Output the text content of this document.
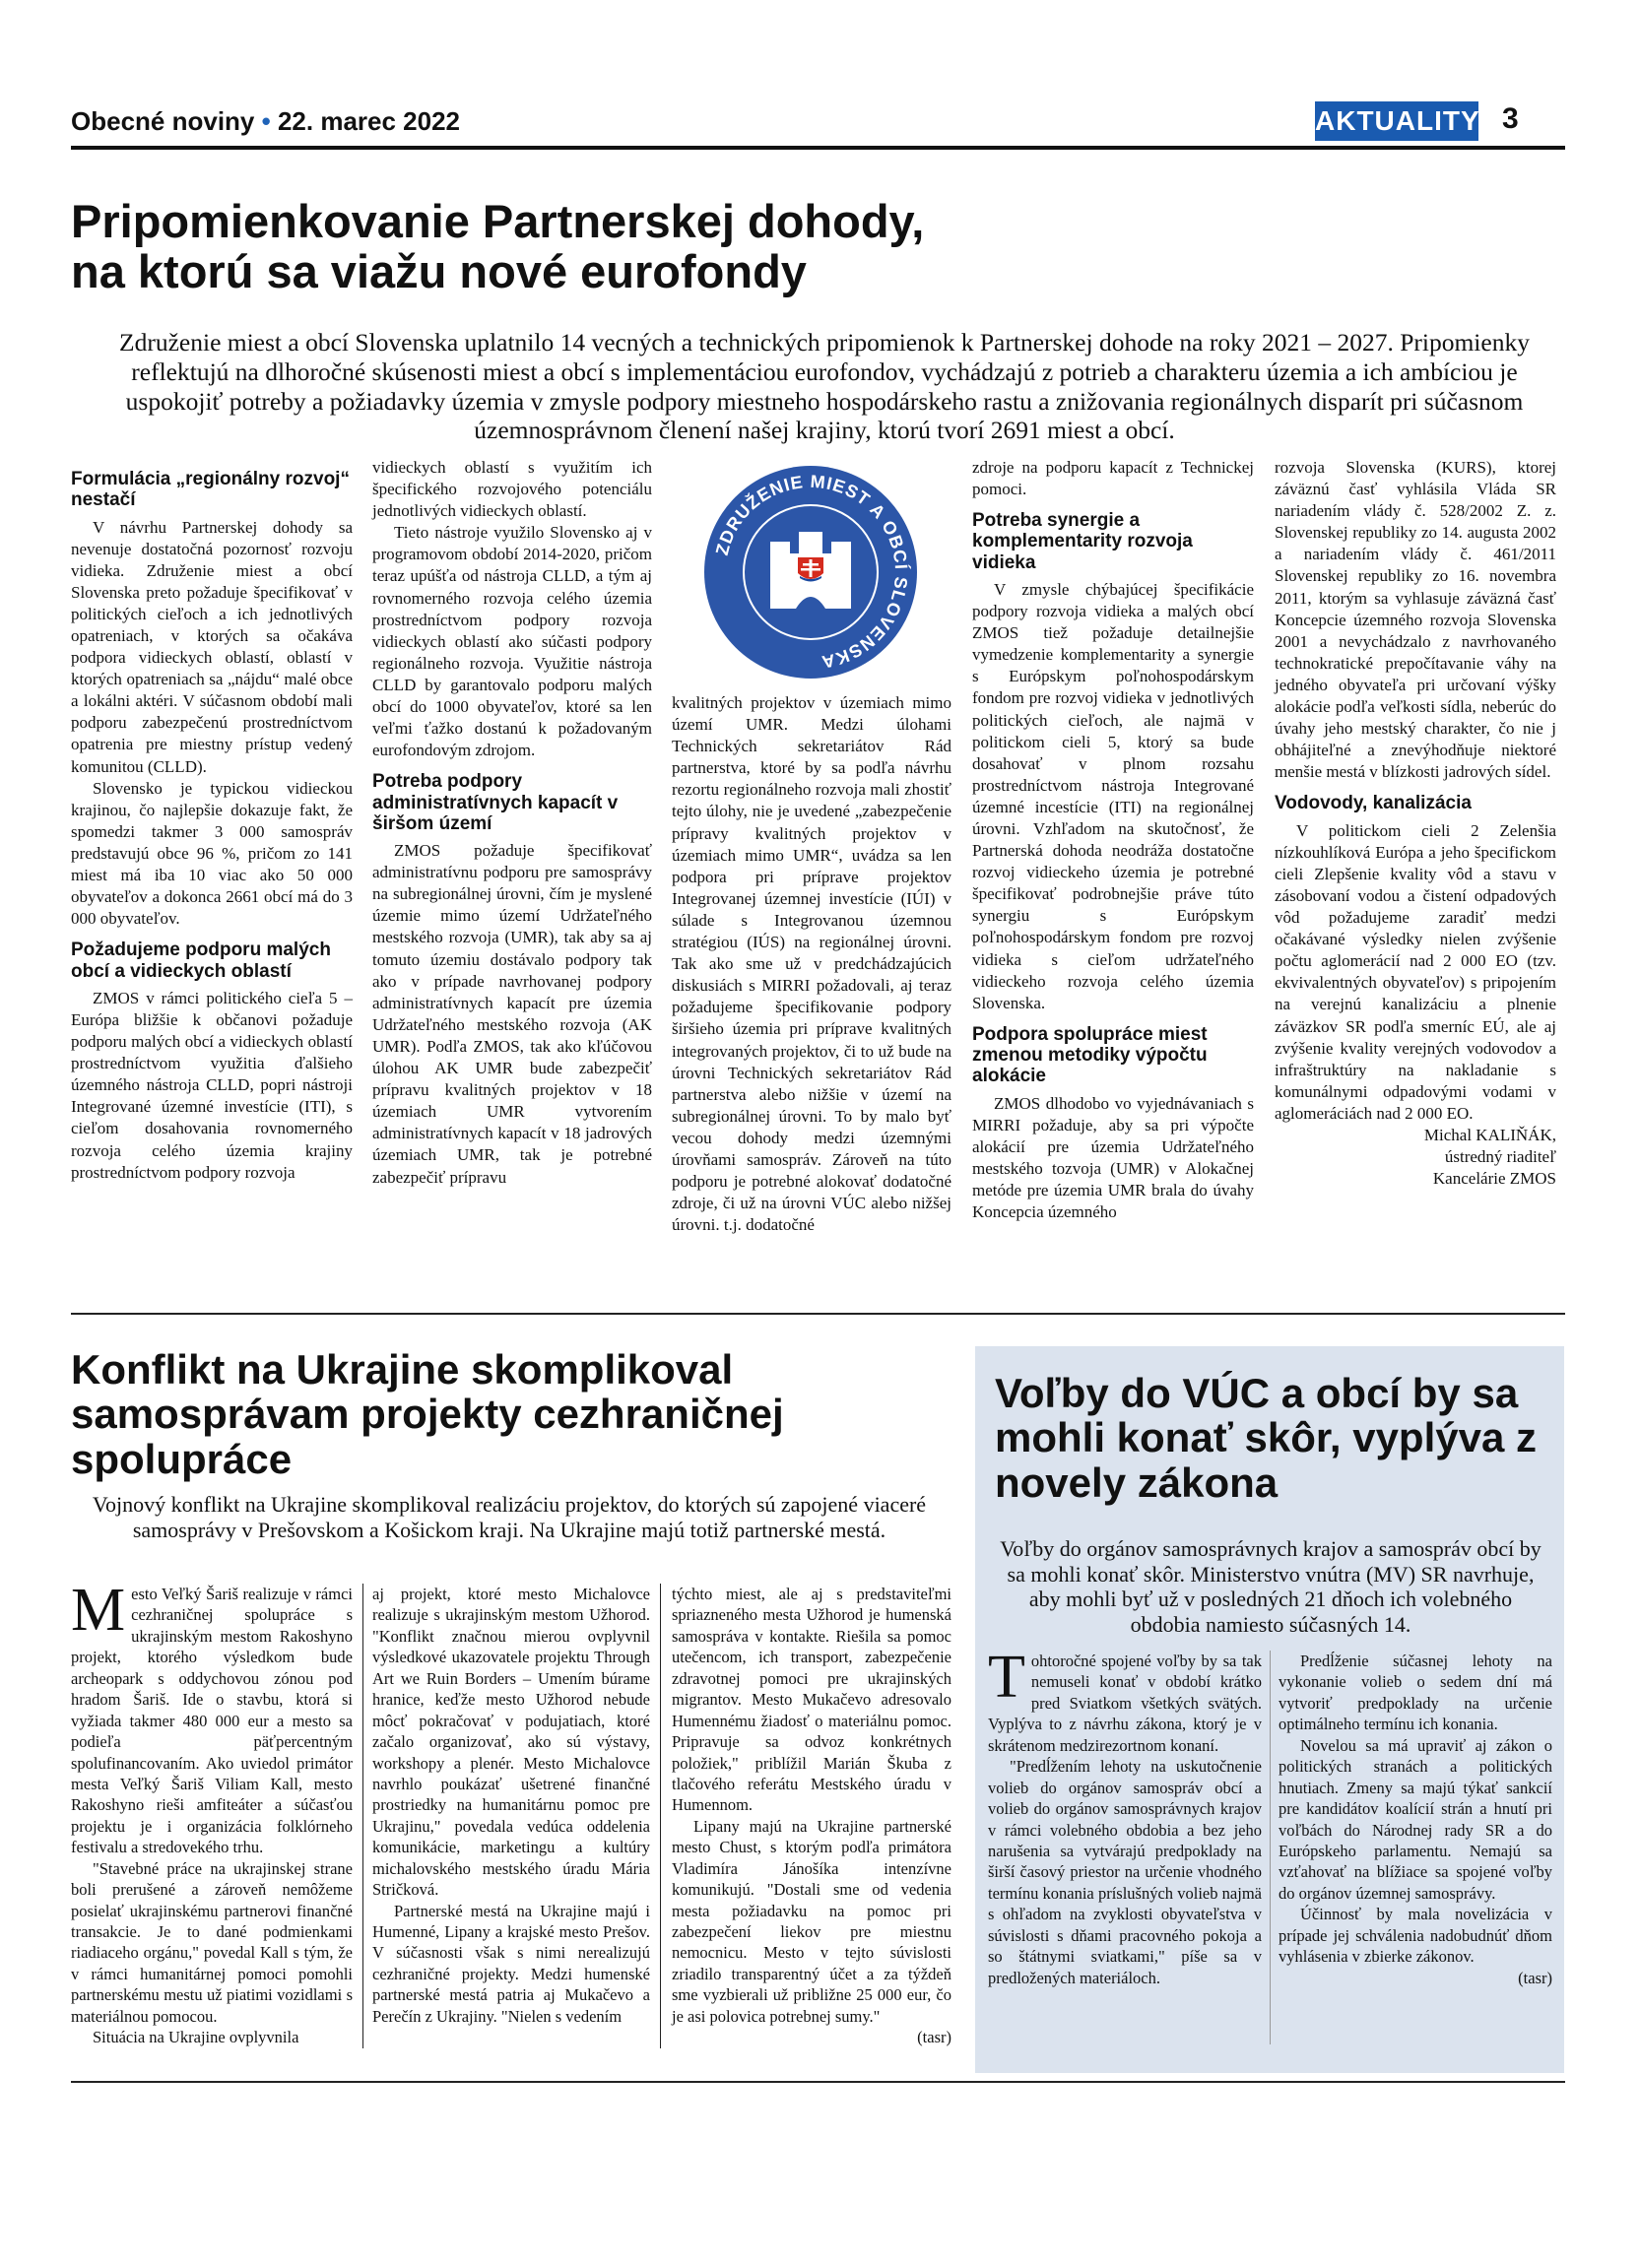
Obecné noviny • 22. marec 2022	AKTUALITY 3
Pripomienkovanie Partnerskej dohody,
na ktorú sa viažu nové eurofondy
Združenie miest a obcí Slovenska uplatnilo 14 vecných a technických pripomienok k Partnerskej dohode na roky 2021 – 2027. Pripomienky reflektujú na dlhoročné skúsenosti miest a obcí s implementáciou eurofondov, vychádzajú z potrieb a charakteru územia a ich ambíciou je uspokojiť potreby a požiadavky územia v zmysle podpory miestneho hospodárskeho rastu a znižovania regionálnych disparít pri súčasnom územnosprávnom členení našej krajiny, ktorú tvorí 2691 miest a obcí.
Formulácia „regionálny rozvoj“ nestačí

V návrhu Partnerskej dohody sa nevenuje dostatočná pozornosť rozvoju vidieka. Združenie miest a obcí Slovenska preto požaduje špecifikovať v politických cieľoch a ich jednotlivých opatreniach, v ktorých sa očakáva podpora vidieckych oblastí, oblastí v ktorých opatreniach sa „nájdu“ malé obce a lokálni aktéri. V súčasnom období mali podporu zabezpečenú prostredníctvom opatrenia pre miestny prístup vedený komunitou (CLLD).

Slovensko je typickou vidieckou krajinou, čo najlepšie dokazuje fakt, že spomedzi takmer 3 000 samospráv predstavujú obce 96 %, pričom zo 141 miest má iba 10 viac ako 50 000 obyvateľov a dokonca 2661 obcí má do 3 000 obyvateľov.

Požadujeme podporu malých obcí a vidieckych oblastí

ZMOS v rámci politického cieľa 5 – Európa bližšie k občanovi požaduje podporu malých obcí a vidieckych oblastí prostredníctvom využitia ďalšieho územného nástroja CLLD, popri nástroji Integrované územné investície (ITI), s cieľom dosahovania rovnomerného rozvoja celého územia krajiny prostredníctvom podpory rozvoja

vidieckych oblastí s využitím ich špecifického rozvojového potenciálu jednotlivých vidieckych oblastí.

Tieto nástroje využilo Slovensko aj v programovom období 2014-2020, pričom teraz upúšťa od nástroja CLLD, a tým aj rovnomerného rozvoja celého územia prostredníctvom podpory rozvoja vidieckych oblastí ako súčasti podpory regionálneho rozvoja. Využitie nástroja CLLD by garantovalo podporu malých obcí do 1000 obyvateľov, ktoré sa len veľmi ťažko dostanú k požadovaným eurofondovým zdrojom.

Potreba podpory administratívnych kapacít v širšom území

ZMOS požaduje špecifikovať administratívnu podporu pre samosprávy na subregionálnej úrovni, čím je myslené územie mimo území Udržateľného mestského rozvoja (UMR), tak aby sa aj tomuto územiu dostávalo podpory tak ako v prípade navrhovanej podpory administratívnych kapacít pre územia Udržateľného mestského rozvoja (AK UMR). Podľa ZMOS, tak ako kľúčovou úlohou AK UMR bude zabezpečiť prípravu kvalitných projektov v 18 územiach UMR vytvorením administratívnych kapacít v 18 jadrových územiach UMR, tak je potrebné zabezpečiť prípravu

ZDRUŽENIE MIEST A OBCÍ SLOVENSKA

kvalitných projektov v územiach mimo území UMR. Medzi úlohami Technických sekretariátov Rád partnerstva, ktoré by sa podľa návrhu rezortu regionálneho rozvoja mali zhostiť tejto úlohy, nie je uvedené „zabezpečenie prípravy kvalitných projektov v územiach mimo UMR“, uvádza sa len podpora pri príprave projektov Integrovanej územnej investície (IÚI) v súlade s Integrovanou územnou stratégiou (IÚS) na regionálnej úrovni. Tak ako sme už v predchádzajúcich diskusiách s MIRRI požadovali, aj teraz požadujeme špecifikovanie podpory širšieho územia pri príprave kvalitných integrovaných projektov, či to už bude na úrovni Technických sekretariátov Rád partnerstva alebo nižšie v území na subregionálnej úrovni. To by malo byť vecou dohody medzi územnými úrovňami samospráv. Zároveň na túto podporu je potrebné alokovať dodatočné zdroje, či už na úrovni VÚC alebo nižšej úrovni. t.j. dodatočné

zdroje na podporu kapacít z Technickej pomoci.

Potreba synergie a komplementarity rozvoja vidieka

V zmysle chýbajúcej špecifikácie podpory rozvoja vidieka a malých obcí ZMOS tiež požaduje detailnejšie vymedzenie komplementarity a synergie s Európskym poľnohospodárskym fondom pre rozvoj vidieka v jednotlivých politických cieľoch, ale najmä v politickom cieli 5, ktorý sa bude dosahovať v plnom rozsahu prostredníctvom nástroja Integrované územné incestície (ITI) na regionálnej úrovni. Vzhľadom na skutočnosť, že Partnerská dohoda neodráža dostatočne rozvoj vidieckeho územia je potrebné špecifikovať podrobnejšie práve túto synergiu s Európskym poľnohospodárskym fondom pre rozvoj vidieka s cieľom udržateľného vidieckeho rozvoja celého územia Slovenska.

Podpora spolupráce miest zmenou metodiky výpočtu alokácie

ZMOS dlhodobo vo vyjednávaniach s MIRRI požaduje, aby sa pri výpočte alokácií pre územia Udržateľného mestského tozvoja (UMR) v Alokačnej metóde pre územia UMR brala do úvahy Koncepcia územného

rozvoja Slovenska (KURS), ktorej záväznú časť vyhlásila Vláda SR nariadením vlády č. 528/2002 Z. z. Slovenskej republiky zo 14. augusta 2002 a nariadením vlády č. 461/2011 Slovenskej republiky zo 16. novembra 2011, ktorým sa vyhlasuje záväzná časť Koncepcie územného rozvoja Slovenska 2001 a nevychádzalo z navrhovaného technokratické prepočítavanie váhy na jedného obyvateľa pri určovaní výšky alokácie podľa veľkosti sídla, neberúc do úvahy jeho mestský charakter, čo nie j obhájiteľné a znevýhodňuje niektoré menšie mestá v blízkosti jadrových sídel.

Vodovody, kanalizácia

V politickom cieli 2 Zelenšia nízkouhlíková Európa a jeho špecifickom cieli Zlepšenie kvality vôd a stavu v zásobovaní vodou a čistení odpadových vôd požadujeme zaradiť medzi očakávané výsledky nielen zvýšenie počtu aglomerácií nad 2 000 EO (tzv. ekvivalentných obyvateľov) s pripojením na verejnú kanalizáciu a plnenie záväzkov SR podľa smerníc EÚ, ale aj zvýšenie kvality verejných vodovodov a infraštruktúry na nakladanie s komunálnymi odpadovými vodami v aglomeráciách nad 2 000 EO.

Michal KALIŇÁK,

ústredný riaditeľ

Kancelárie ZMOS

Konflikt na Ukrajine skomplikoval samosprávam projekty cezhraničnej spolupráce
Vojnový konflikt na Ukrajine skomplikoval realizáciu projektov, do ktorých sú zapojené viaceré samosprávy v Prešovskom a Košickom kraji. Na Ukrajine majú totiž partnerské mestá.

Mesto Veľký Šariš realizuje v rámci cezhraničnej spolupráce s ukrajinským mestom Rakoshyno projekt, ktorého výsledkom bude archeopark s oddychovou zónou pod hradom Šariš. Ide o stavbu, ktorá si vyžiada takmer 480 000 eur a mesto sa podieľa päťpercentným spolufinancovaním. Ako uviedol primátor mesta Veľký Šariš Viliam Kall, mesto Rakoshyno rieši amfiteáter a súčasťou projektu je i organizácia folklórneho festivalu a stredovekého trhu.

"Stavebné práce na ukrajinskej strane boli prerušené a zároveň nemôžeme posielať ukrajinskému partnerovi finančné transakcie. Je to dané podmienkami riadiaceho orgánu," povedal Kall s tým, že v rámci humanitárnej pomoci pomohli partnerskému mestu už piatimi vozidlami s materiálnou pomocou.

Situácia na Ukrajine ovplyvnila

aj projekt, ktoré mesto Michalovce realizuje s ukrajinským mestom Užhorod. "Konflikt značnou mierou ovplyvnil výsledkové ukazovatele projektu Through Art we Ruin Borders – Umením búrame hranice, keďže mesto Užhorod nebude môcť pokračovať v podujatiach, ktoré začalo organizovať, ako sú výstavy, workshopy a plenér. Mesto Michalovce navrhlo poukázať ušetrené finančné prostriedky na humanitárnu pomoc pre Ukrajinu," povedala vedúca oddelenia komunikácie, marketingu a kultúry michalovského mestského úradu Mária Stričková.

Partnerské mestá na Ukrajine majú i Humenné, Lipany a krajské mesto Prešov. V súčasnosti však s nimi nerealizujú cezhraničné projekty. Medzi humenské partnerské mestá patria aj Mukačevo a Perečín z Ukrajiny. "Nielen s vedením

týchto miest, ale aj s predstaviteľmi spriazneného mesta Užhorod je humenská samospráva v kontakte. Riešila sa pomoc utečencom, ich transport, zabezpečenie zdravotnej pomoci pre ukrajinských migrantov. Mesto Mukačevo adresovalo Humennému žiadosť o materiálnu pomoc. Pripravuje sa odvoz konkrétnych položiek," priblížil Marián Škuba z tlačového referátu Mestského úradu v Humennom.

Lipany majú na Ukrajine partnerské mesto Chust, s ktorým podľa primátora Vladimíra Jánošíka intenzívne komunikujú. "Dostali sme od vedenia mesta požiadavku na pomoc pri zabezpečení liekov pre miestnu nemocnicu. Mesto v tejto súvislosti zriadilo transparentný účet a za týždeň sme vyzbierali už približne 25 000 eur, čo je asi polovica potrebnej sumy."

(tasr)

Voľby do VÚC a obcí by sa mohli konať skôr, vyplýva z novely zákona
Voľby do orgánov samosprávnych krajov a samospráv obcí by sa mohli konať skôr. Ministerstvo vnútra (MV) SR navrhuje, aby mohli byť už v posledných 21 dňoch ich volebného obdobia namiesto súčasných 14.

Tohtoročné spojené voľby by sa tak nemuseli konať v období krátko pred Sviatkom všetkých svätých. Vyplýva to z návrhu zákona, ktorý je v skrátenom medzirezortnom konaní.

"Predĺžením lehoty na uskutočnenie volieb do orgánov samospráv obcí a volieb do orgánov samosprávnych krajov v rámci volebného obdobia a bez jeho narušenia sa vytvárajú predpoklady na širší časový priestor na určenie vhodného termínu konania príslušných volieb najmä s ohľadom na zvyklosti obyvateľstva v súvislosti s dňami pracovného pokoja a so štátnymi sviatkami," píše sa v predložených materiáloch.

Predĺženie súčasnej lehoty na vykonanie volieb o sedem dní má vytvoriť predpoklady na určenie optimálneho termínu ich konania.

Novelou sa má upraviť aj zákon o politických stranách a politických hnutiach. Zmeny sa majú týkať sankcií pre kandidátov koalícií strán a hnutí pri voľbách do Národnej rady SR a do Európskeho parlamentu. Nemajú sa vzťahovať na blížiace sa spojené voľby do orgánov územnej samosprávy.

Účinnosť by mala novelizácia v prípade jej schválenia nadobudnúť dňom vyhlásenia v zbierke zákonov.

(tasr)
